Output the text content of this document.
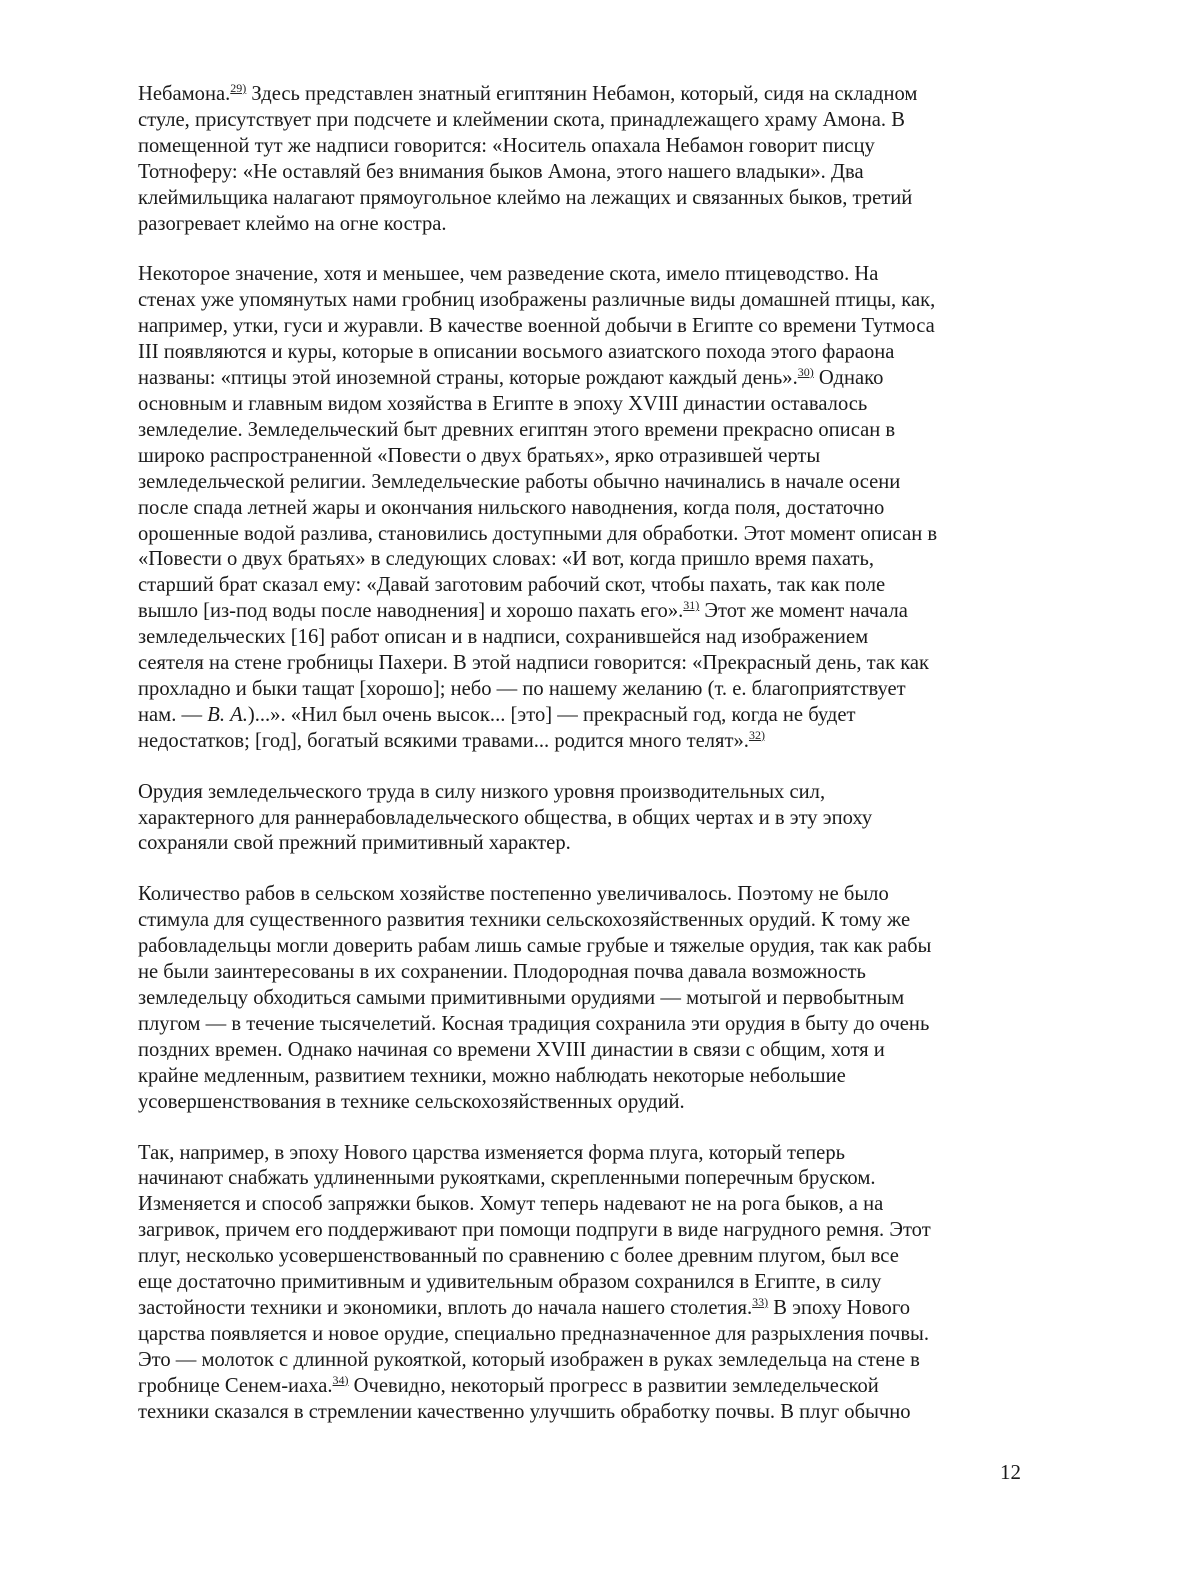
Небамона.$^{29)}$ Здесь представлен знатный египтянин Небамон, который, сидя на складном
стуле, присутствует при подсчете и клеймении скота, принадлежащего храму Амона. В
помещенной тут же надписи говорится: «Носитель опахала Небамон говорит писцу
Тотноферу: «Не оставляй без внимания быков Амона, этого нашего владыки». Два
клеймильщика налагают прямоугольное клеймо на лежащих и связанных быков, третий
разогревает клеймо на огне костра.

Некоторое значение, хотя и меньшее, чем разведение скота, имело птицеводство. На
стенах уже упомянутых нами гробниц изображены различные виды домашней птицы, как,
например, утки, гуси и журавли. В качестве военной добычи в Египте со времени Тутмоса
III появляются и куры, которые в описании восьмого азиатского похода этого фараона
названы: «птицы этой иноземной страны, которые рождают каждый день».$^{30)}$ Однако
основным и главным видом хозяйства в Египте в эпоху XVIII династии оставалось
земледелие. Земледельческий быт древних египтян этого времени прекрасно описан в
широко распространенной «Повести о двух братьях», ярко отразившей черты
земледельческой религии. Земледельческие работы обычно начинались в начале осени
после спада летней жары и окончания нильского наводнения, когда поля, достаточно
орошенные водой разлива, становились доступными для обработки. Этот момент описан в
«Повести о двух братьях» в следующих словах: «И вот, когда пришло время пахать,
старший брат сказал ему: «Давай заготовим рабочий скот, чтобы пахать, так как поле
вышло [из-под воды после наводнения] и хорошо пахать его».$^{31)}$ Этот же момент начала
земледельческих [16] работ описан и в надписи, сохранившейся над изображением
сеятеля на стене гробницы Пахери. В этой надписи говорится: «Прекрасный день, так как
прохладно и быки тащат [хорошо]; небо — по нашему желанию (т. е. благоприятствует
нам. — В. А.)...». «Нил был очень высок... [это] — прекрасный год, когда не будет
недостатков; [год], богатый всякими травами... родится много телят».$^{32)}$

Орудия земледельческого труда в силу низкого уровня производительных сил,
характерного для раннерабовладельческого общества, в общих чертах и в эту эпоху
сохраняли свой прежний примитивный характер.

Количество рабов в сельском хозяйстве постепенно увеличивалось. Поэтому не было
стимула для существенного развития техники сельскохозяйственных орудий. К тому же
рабовладельцы могли доверить рабам лишь самые грубые и тяжелые орудия, так как рабы
не были заинтересованы в их сохранении. Плодородная почва давала возможность
земледельцу обходиться самыми примитивными орудиями — мотыгой и первобытным
плугом — в течение тысячелетий. Косная традиция сохранила эти орудия в быту до очень
поздних времен. Однако начиная со времени XVIII династии в связи с общим, хотя и
крайне медленным, развитием техники, можно наблюдать некоторые небольшие
усовершенствования в технике сельскохозяйственных орудий.

Так, например, в эпоху Нового царства изменяется форма плуга, который теперь
начинают снабжать удлиненными рукоятками, скрепленными поперечным бруском.
Изменяется и способ запряжки быков. Хомут теперь надевают не на рога быков, а на
загривок, причем его поддерживают при помощи подпруги в виде нагрудного ремня. Этот
плуг, несколько усовершенствованный по сравнению с более древним плугом, был все
еще достаточно примитивным и удивительным образом сохранился в Египте, в силу
застойности техники и экономики, вплоть до начала нашего столетия.$^{33)}$ В эпоху Нового
царства появляется и новое орудие, специально предназначенное для разрыхления почвы.
Это — молоток с длинной рукояткой, который изображен в руках земледельца на стене в
гробнице Сенем-иаха.$^{34)}$ Очевидно, некоторый прогресс в развитии земледельческой
техники сказался в стремлении качественно улучшить обработку почвы. В плуг обычно

12
